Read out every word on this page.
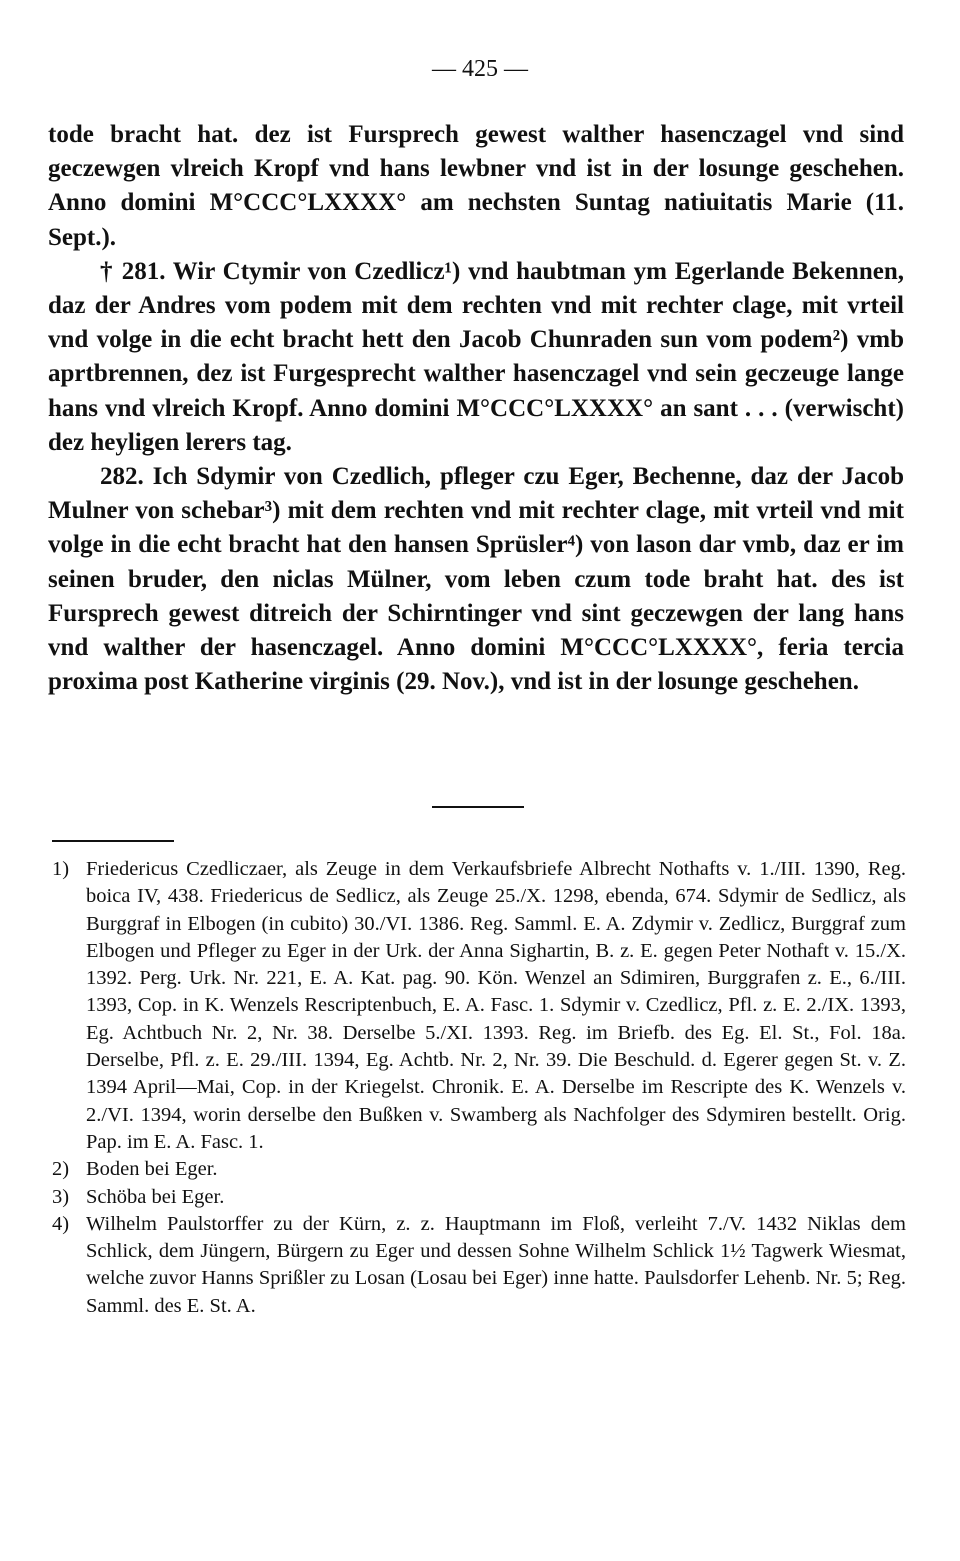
— 425 —

tode bracht hat. dez ist Fursprech gewest walther hasenczagel vnd sind geczewgen vlreich Kropf vnd hans lewbner vnd ist in der losunge geschehen. Anno domini M°CCC°LXXXX° am nechsten Suntag natiuitatis Marie (11. Sept.).

† 281. Wir Ctymir von Czedlicz¹) vnd haubtman ym Egerlande Bekennen, daz der Andres vom podem mit dem rechten vnd mit rechter clage, mit vrteil vnd volge in die echt bracht hett den Jacob Chunraden sun vom podem²) vmb aprtbrennen, dez ist Furgesprecht walther hasenczagel vnd sein geczeuge lange hans vnd vlreich Kropf. Anno domini M°CCC°LXXXX° an sant . . . (verwischt) dez heyligen lerers tag.

282. Ich Sdymir von Czedlich, pfleger czu Eger, Bechenne, daz der Jacob Mulner von schebar³) mit dem rechten vnd mit rechter clage, mit vrteil vnd mit volge in die echt bracht hat den hansen Sprüsler⁴) von lason dar vmb, daz er im seinen bruder, den niclas Mülner, vom leben czum tode braht hat. des ist Fursprech gewest ditreich der Schirntinger vnd sint geczewgen der lang hans vnd walther der hasenczagel. Anno domini M°CCC°LXXXX°, feria tercia proxima post Katherine virginis (29. Nov.), vnd ist in der losunge geschehen.

1) Friedericus Czedliczaer, als Zeuge in dem Verkaufsbriefe Albrecht Nothafts v. 1./III. 1390, Reg. boica IV, 438. Friedericus de Sedlicz, als Zeuge 25./X. 1298, ebenda, 674. Sdymir de Sedlicz, als Burggraf in Elbogen (in cubito) 30./VI. 1386. Reg. Samml. E. A. Zdymir v. Zedlicz, Burggraf zum Elbogen und Pfleger zu Eger in der Urk. der Anna Sighartin, B. z. E. gegen Peter Nothaft v. 15./X. 1392. Perg. Urk. Nr. 221, E. A. Kat. pag. 90. Kön. Wenzel an Sdimiren, Burggrafen z. E., 6./III. 1393, Cop. in K. Wenzels Rescriptenbuch, E. A. Fasc. 1. Sdymir v. Czedlicz, Pfl. z. E. 2./IX. 1393, Eg. Achtbuch Nr. 2, Nr. 38. Derselbe 5./XI. 1393. Reg. im Briefb. des Eg. El. St., Fol. 18a. Derselbe, Pfl. z. E. 29./III. 1394, Eg. Achtb. Nr. 2, Nr. 39. Die Beschuld. d. Egerer gegen St. v. Z. 1394 April—Mai, Cop. in der Kriegelst. Chronik. E. A. Derselbe im Rescripte des K. Wenzels v. 2./VI. 1394, worin derselbe den Bußken v. Swamberg als Nachfolger des Sdymiren bestellt. Orig. Pap. im E. A. Fasc. 1.
2) Boden bei Eger.
3) Schöba bei Eger.
4) Wilhelm Paulstorffer zu der Kürn, z. z. Hauptmann im Floß, verleiht 7./V. 1432 Niklas dem Schlick, dem Jüngern, Bürgern zu Eger und dessen Sohne Wilhelm Schlick 1½ Tagwerk Wiesmat, welche zuvor Hanns Sprißler zu Losan (Losau bei Eger) inne hatte. Paulsdorfer Lehenb. Nr. 5; Reg. Samml. des E. St. A.
